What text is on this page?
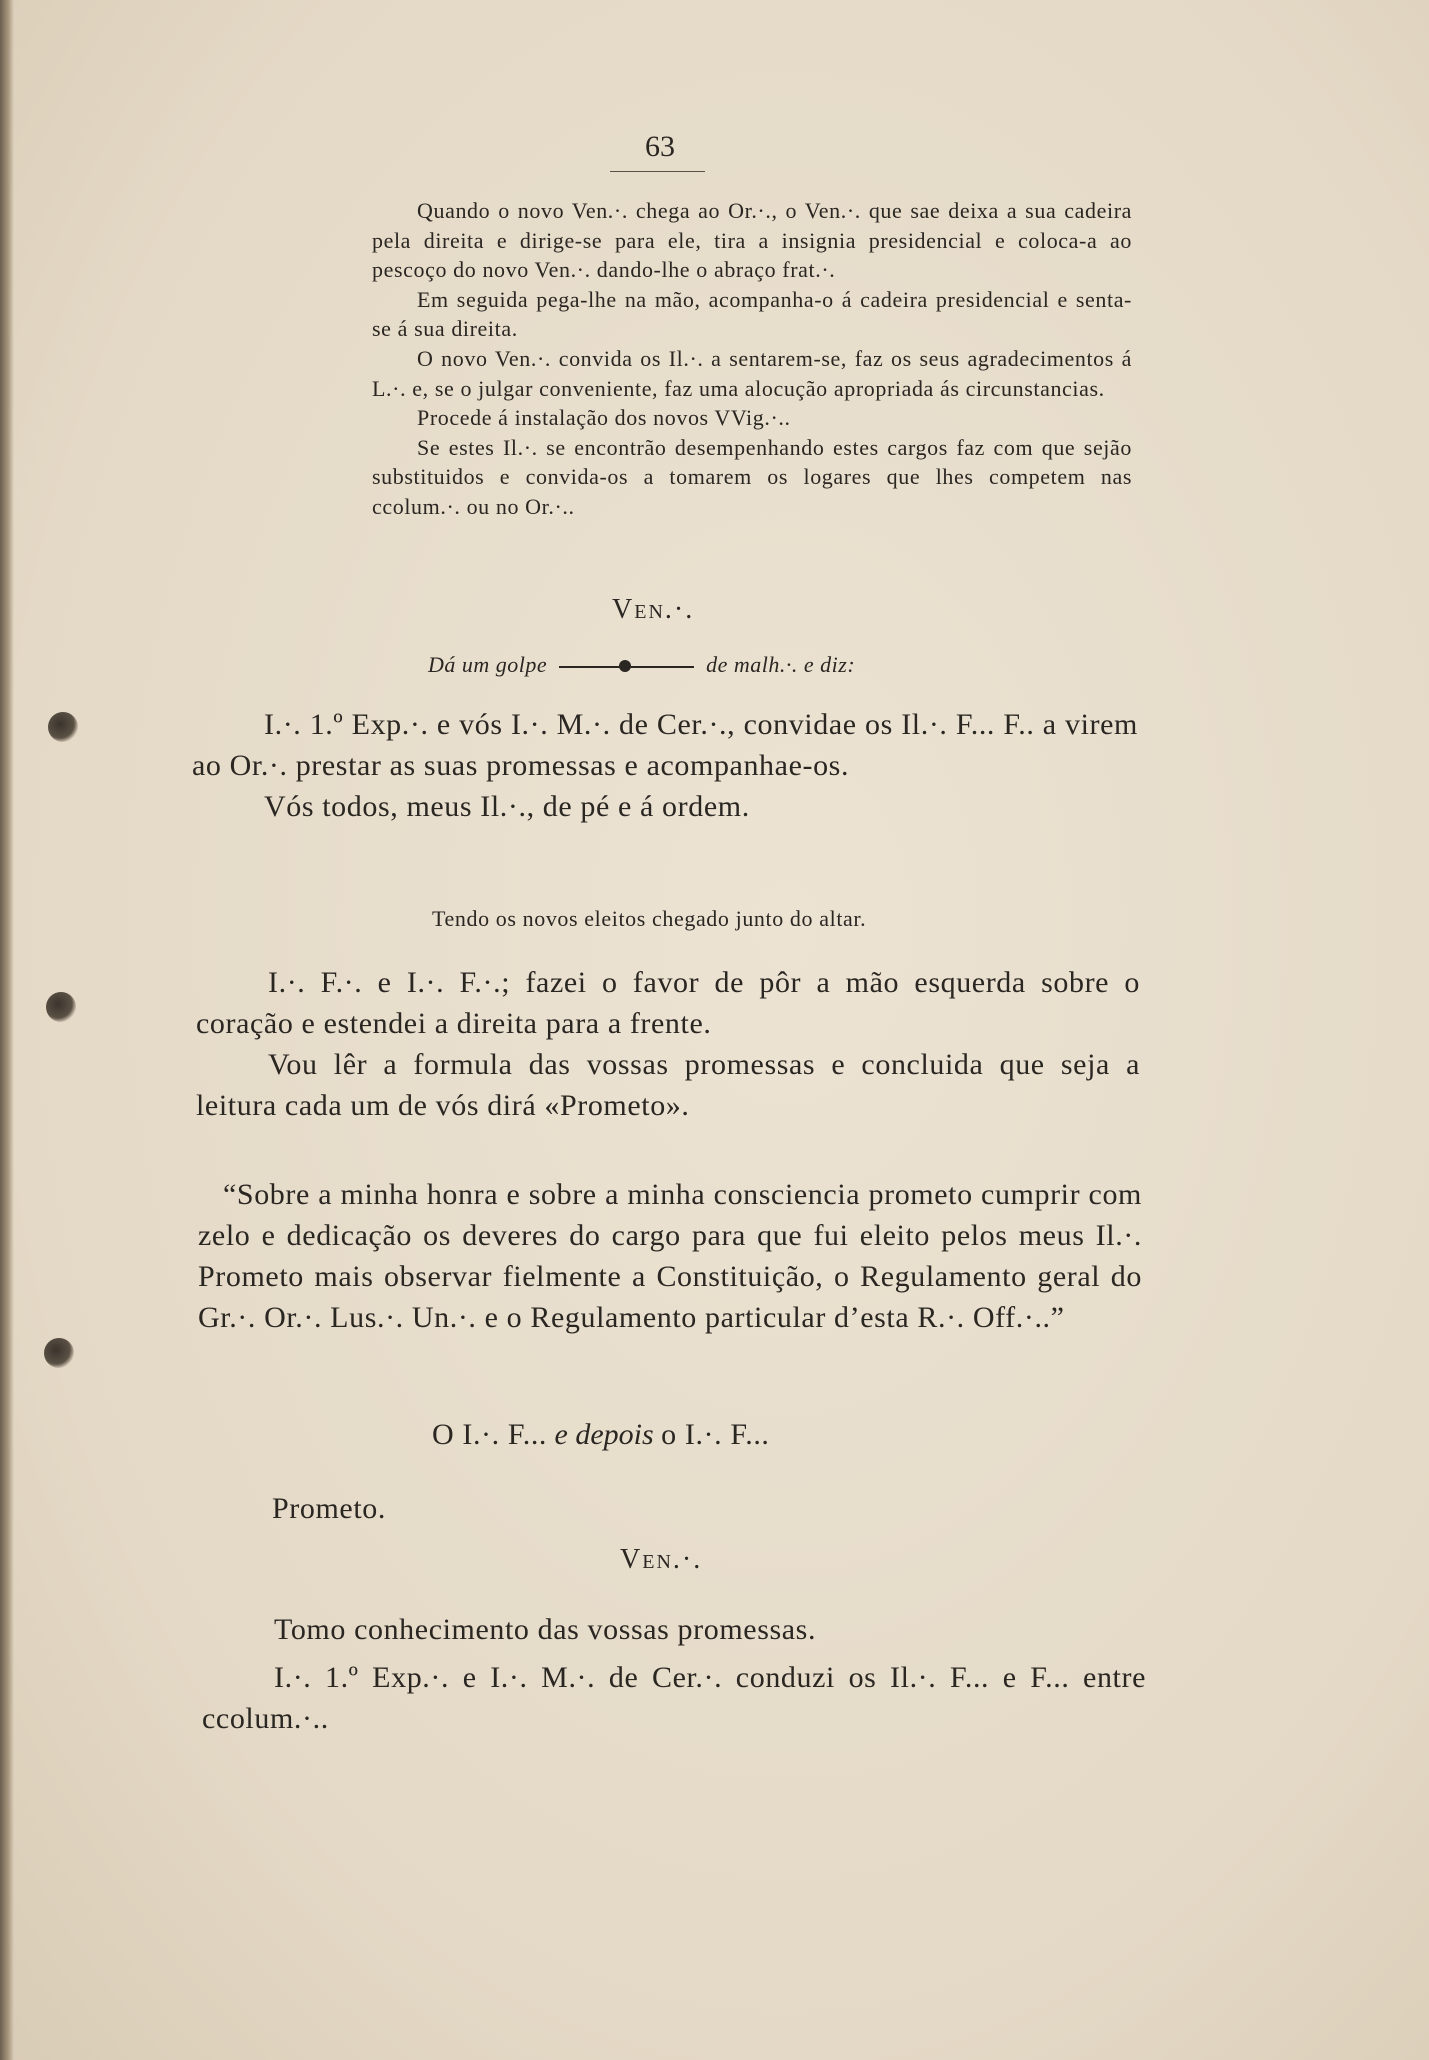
63

Quando o novo Ven.·. chega ao Or.·., o Ven.·. que sae deixa a sua cadeira pela direita e dirige-se para ele, tira a insignia presidencial e coloca-a ao pescoço do novo Ven.·. dando-lhe o abraço frat.·.

Em seguida pega-lhe na mão, acompanha-o á cadeira presidencial e senta-se á sua direita.

O novo Ven.·. convida os Il.·. a sentarem-se, faz os seus agradecimentos á L.·. e, se o julgar conveniente, faz uma alocução apropriada ás circunstancias.

Procede á instalação dos novos VVig.·..

Se estes Il.·. se encontrão desempenhando estes cargos faz com que sejão substituidos e convida-os a tomarem os logares que lhes competem nas ccolum.·. ou no Or.·..

Ven.·.
Dá um golpe	de malh.·. e diz:

I.·. 1.º Exp.·. e vós I.·. M.·. de Cer.·., convidae os Il.·. F... F.. a virem ao Or.·. prestar as suas promessas e acompanhae-os.

Vós todos, meus Il.·., de pé e á ordem.

Tendo os novos eleitos chegado junto do altar.

I.·. F.·. e I.·. F.·.; fazei o favor de pôr a mão esquerda sobre o coração e estendei a direita para a frente.

Vou lêr a formula das vossas promessas e concluida que seja a leitura cada um de vós dirá «Prometo».

“Sobre a minha honra e sobre a minha consciencia prometo cumprir com zelo e dedicação os deveres do cargo para que fui eleito pelos meus Il.·. Prometo mais observar fielmente a Constituição, o Regulamento geral do Gr.·. Or.·. Lus.·. Un.·. e o Regulamento particular d’esta R.·. Off.·..”

O I.·. F... e depois o I.·. F...
Prometo.
Ven.·.
Tomo conhecimento das vossas promessas.

I.·. 1.º Exp.·. e I.·. M.·. de Cer.·. conduzi os Il.·. F... e F... entre ccolum.·..
